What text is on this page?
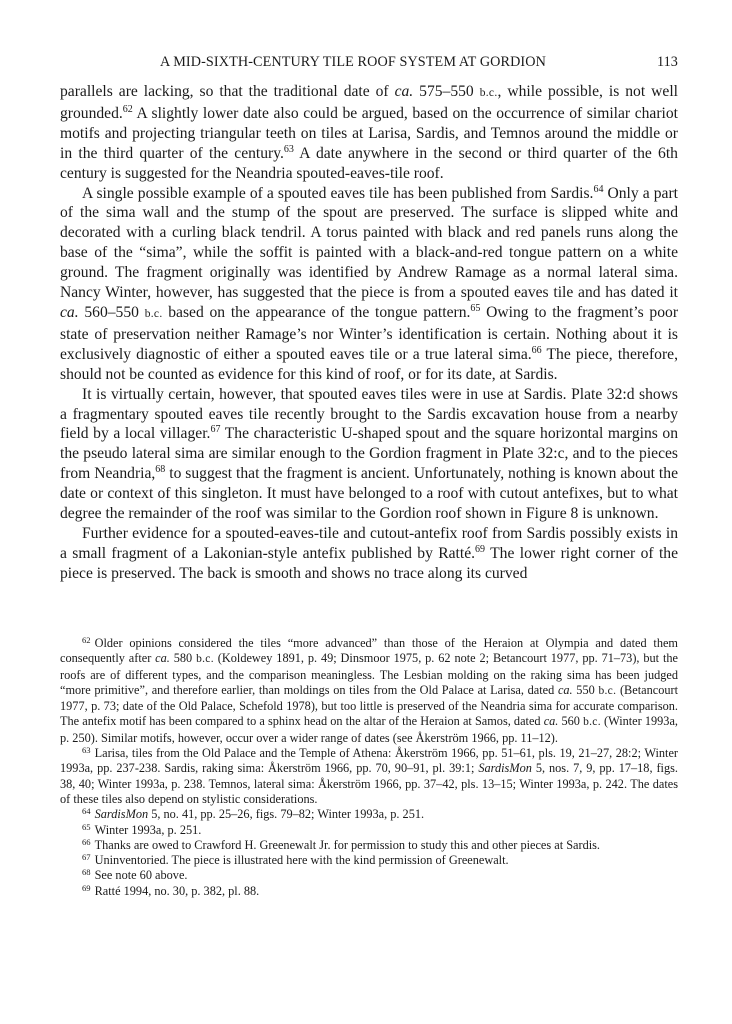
A MID-SIXTH-CENTURY TILE ROOF SYSTEM AT GORDION	113

parallels are lacking, so that the traditional date of ca. 575–550 b.c., while possible, is not well grounded.$^{62}$ A slightly lower date also could be argued, based on the occurrence of similar chariot motifs and projecting triangular teeth on tiles at Larisa, Sardis, and Temnos around the middle or in the third quarter of the century.$^{63}$ A date anywhere in the second or third quarter of the 6th century is suggested for the Neandria spouted-eaves-tile roof.

A single possible example of a spouted eaves tile has been published from Sardis.$^{64}$ Only a part of the sima wall and the stump of the spout are preserved. The surface is slipped white and decorated with a curling black tendril. A torus painted with black and red panels runs along the base of the “sima”, while the soffit is painted with a black-and-red tongue pattern on a white ground. The fragment originally was identified by Andrew Ramage as a normal lateral sima. Nancy Winter, however, has suggested that the piece is from a spouted eaves tile and has dated it ca. 560–550 b.c. based on the appearance of the tongue pattern.$^{65}$ Owing to the fragment’s poor state of preservation neither Ramage’s nor Winter’s identification is certain. Nothing about it is exclusively diagnostic of either a spouted eaves tile or a true lateral sima.$^{66}$ The piece, therefore, should not be counted as evidence for this kind of roof, or for its date, at Sardis.

It is virtually certain, however, that spouted eaves tiles were in use at Sardis. Plate 32:d shows a fragmentary spouted eaves tile recently brought to the Sardis excavation house from a nearby field by a local villager.$^{67}$ The characteristic U-shaped spout and the square horizontal margins on the pseudo lateral sima are similar enough to the Gordion fragment in Plate 32:c, and to the pieces from Neandria,$^{68}$ to suggest that the fragment is ancient. Unfortunately, nothing is known about the date or context of this singleton. It must have belonged to a roof with cutout antefixes, but to what degree the remainder of the roof was similar to the Gordion roof shown in Figure 8 is unknown.

Further evidence for a spouted-eaves-tile and cutout-antefix roof from Sardis possibly exists in a small fragment of a Lakonian-style antefix published by Ratté.$^{69}$ The lower right corner of the piece is preserved. The back is smooth and shows no trace along its curved

$^{62}$ Older opinions considered the tiles “more advanced” than those of the Heraion at Olympia and dated them consequently after ca. 580 b.c. (Koldewey 1891, p. 49; Dinsmoor 1975, p. 62 note 2; Betancourt 1977, pp. 71–73), but the roofs are of different types, and the comparison meaningless. The Lesbian molding on the raking sima has been judged “more primitive”, and therefore earlier, than moldings on tiles from the Old Palace at Larisa, dated ca. 550 b.c. (Betancourt 1977, p. 73; date of the Old Palace, Schefold 1978), but too little is preserved of the Neandria sima for accurate comparison. The antefix motif has been compared to a sphinx head on the altar of the Heraion at Samos, dated ca. 560 b.c. (Winter 1993a, p. 250). Similar motifs, however, occur over a wider range of dates (see Åkerström 1966, pp. 11–12).

$^{63}$ Larisa, tiles from the Old Palace and the Temple of Athena: Åkerström 1966, pp. 51–61, pls. 19, 21–27, 28:2; Winter 1993a, pp. 237-238. Sardis, raking sima: Åkerström 1966, pp. 70, 90–91, pl. 39:1; SardisMon 5, nos. 7, 9, pp. 17–18, figs. 38, 40; Winter 1993a, p. 238. Temnos, lateral sima: Åkerström 1966, pp. 37–42, pls. 13–15; Winter 1993a, p. 242. The dates of these tiles also depend on stylistic considerations.

$^{64}$ SardisMon 5, no. 41, pp. 25–26, figs. 79–82; Winter 1993a, p. 251.

$^{65}$ Winter 1993a, p. 251.

$^{66}$ Thanks are owed to Crawford H. Greenewalt Jr. for permission to study this and other pieces at Sardis.

$^{67}$ Uninventoried. The piece is illustrated here with the kind permission of Greenewalt.

$^{68}$ See note 60 above.

$^{69}$ Ratté 1994, no. 30, p. 382, pl. 88.
